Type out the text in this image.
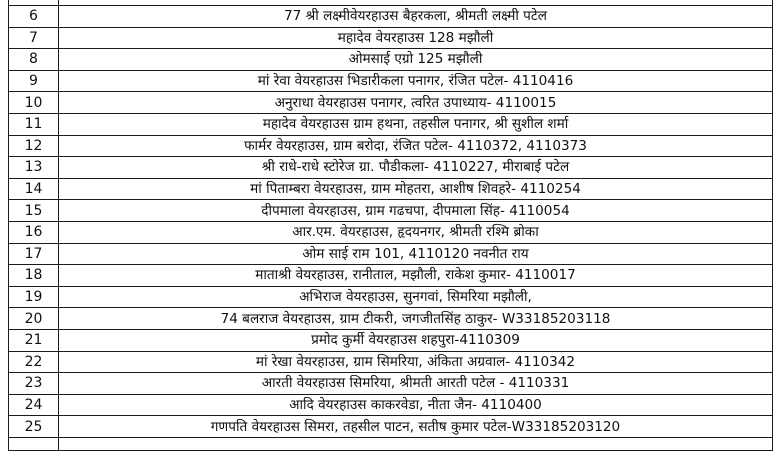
6	77 श्री लक्ष्मीवेयरहाउस बैहरकला, श्रीमती लक्ष्मी पटेल
7	महादेव वेयरहाउस 128 मझौली
8	ओमसाई एग्रो 125 मझौली
9	मां रेवा वेयरहाउस भिडारीकला पनागर, रंजित पटेल- 4110416
10	अनुराधा वेयरहाउस पनागर, त्वरित उपाध्याय- 4110015
11	महादेव वेयरहाउस ग्राम हथना, तहसील पनागर, श्री सुशील शर्मा
12	फार्मर वेयरहाउस, ग्राम बरोदा, रंजित पटेल- 4110372, 4110373
13	श्री राधे-राधे स्टोरेज ग्रा. पौडीकला- 4110227, मीराबाई पटेल
14	मां पिताम्बरा वेयरहाउस, ग्राम मोहतरा, आशीष शिवहरे- 4110254
15	दीपमाला वेयरहाउस, ग्राम गढचपा, दीपमाला सिंह- 4110054
16	आर.एम. वेयरहाउस, हृदयनगर, श्रीमती रश्मि ब्रोका
17	ओम साई राम 101, 4110120 नवनीत राय
18	माताश्री वेयरहाउस, रानीताल, मझौली, राकेश कुमार- 4110017
19	अभिराज वेयरहाउस, सुनगवां, सिमरिया मझौली,
20	74 बलराज वेयरहाउस, ग्राम टीकरी, जगजीतसिंह ठाकुर- W33185203118
21	प्रमोद कुर्मी वेयरहाउस शहपुरा-4110309
22	मां रेखा वेयरहाउस, ग्राम सिमरिया, अंकिता अग्रवाल- 4110342
23	आरती वेयरहाउस सिमरिया, श्रीमती आरती पटेल - 4110331
24	आदि वेयरहाउस काकरवेडा, नीता जैन- 4110400
25	गणपति वेयरहाउस सिमरा, तहसील पाटन, सतीष कुमार पटेल-W33185203120
